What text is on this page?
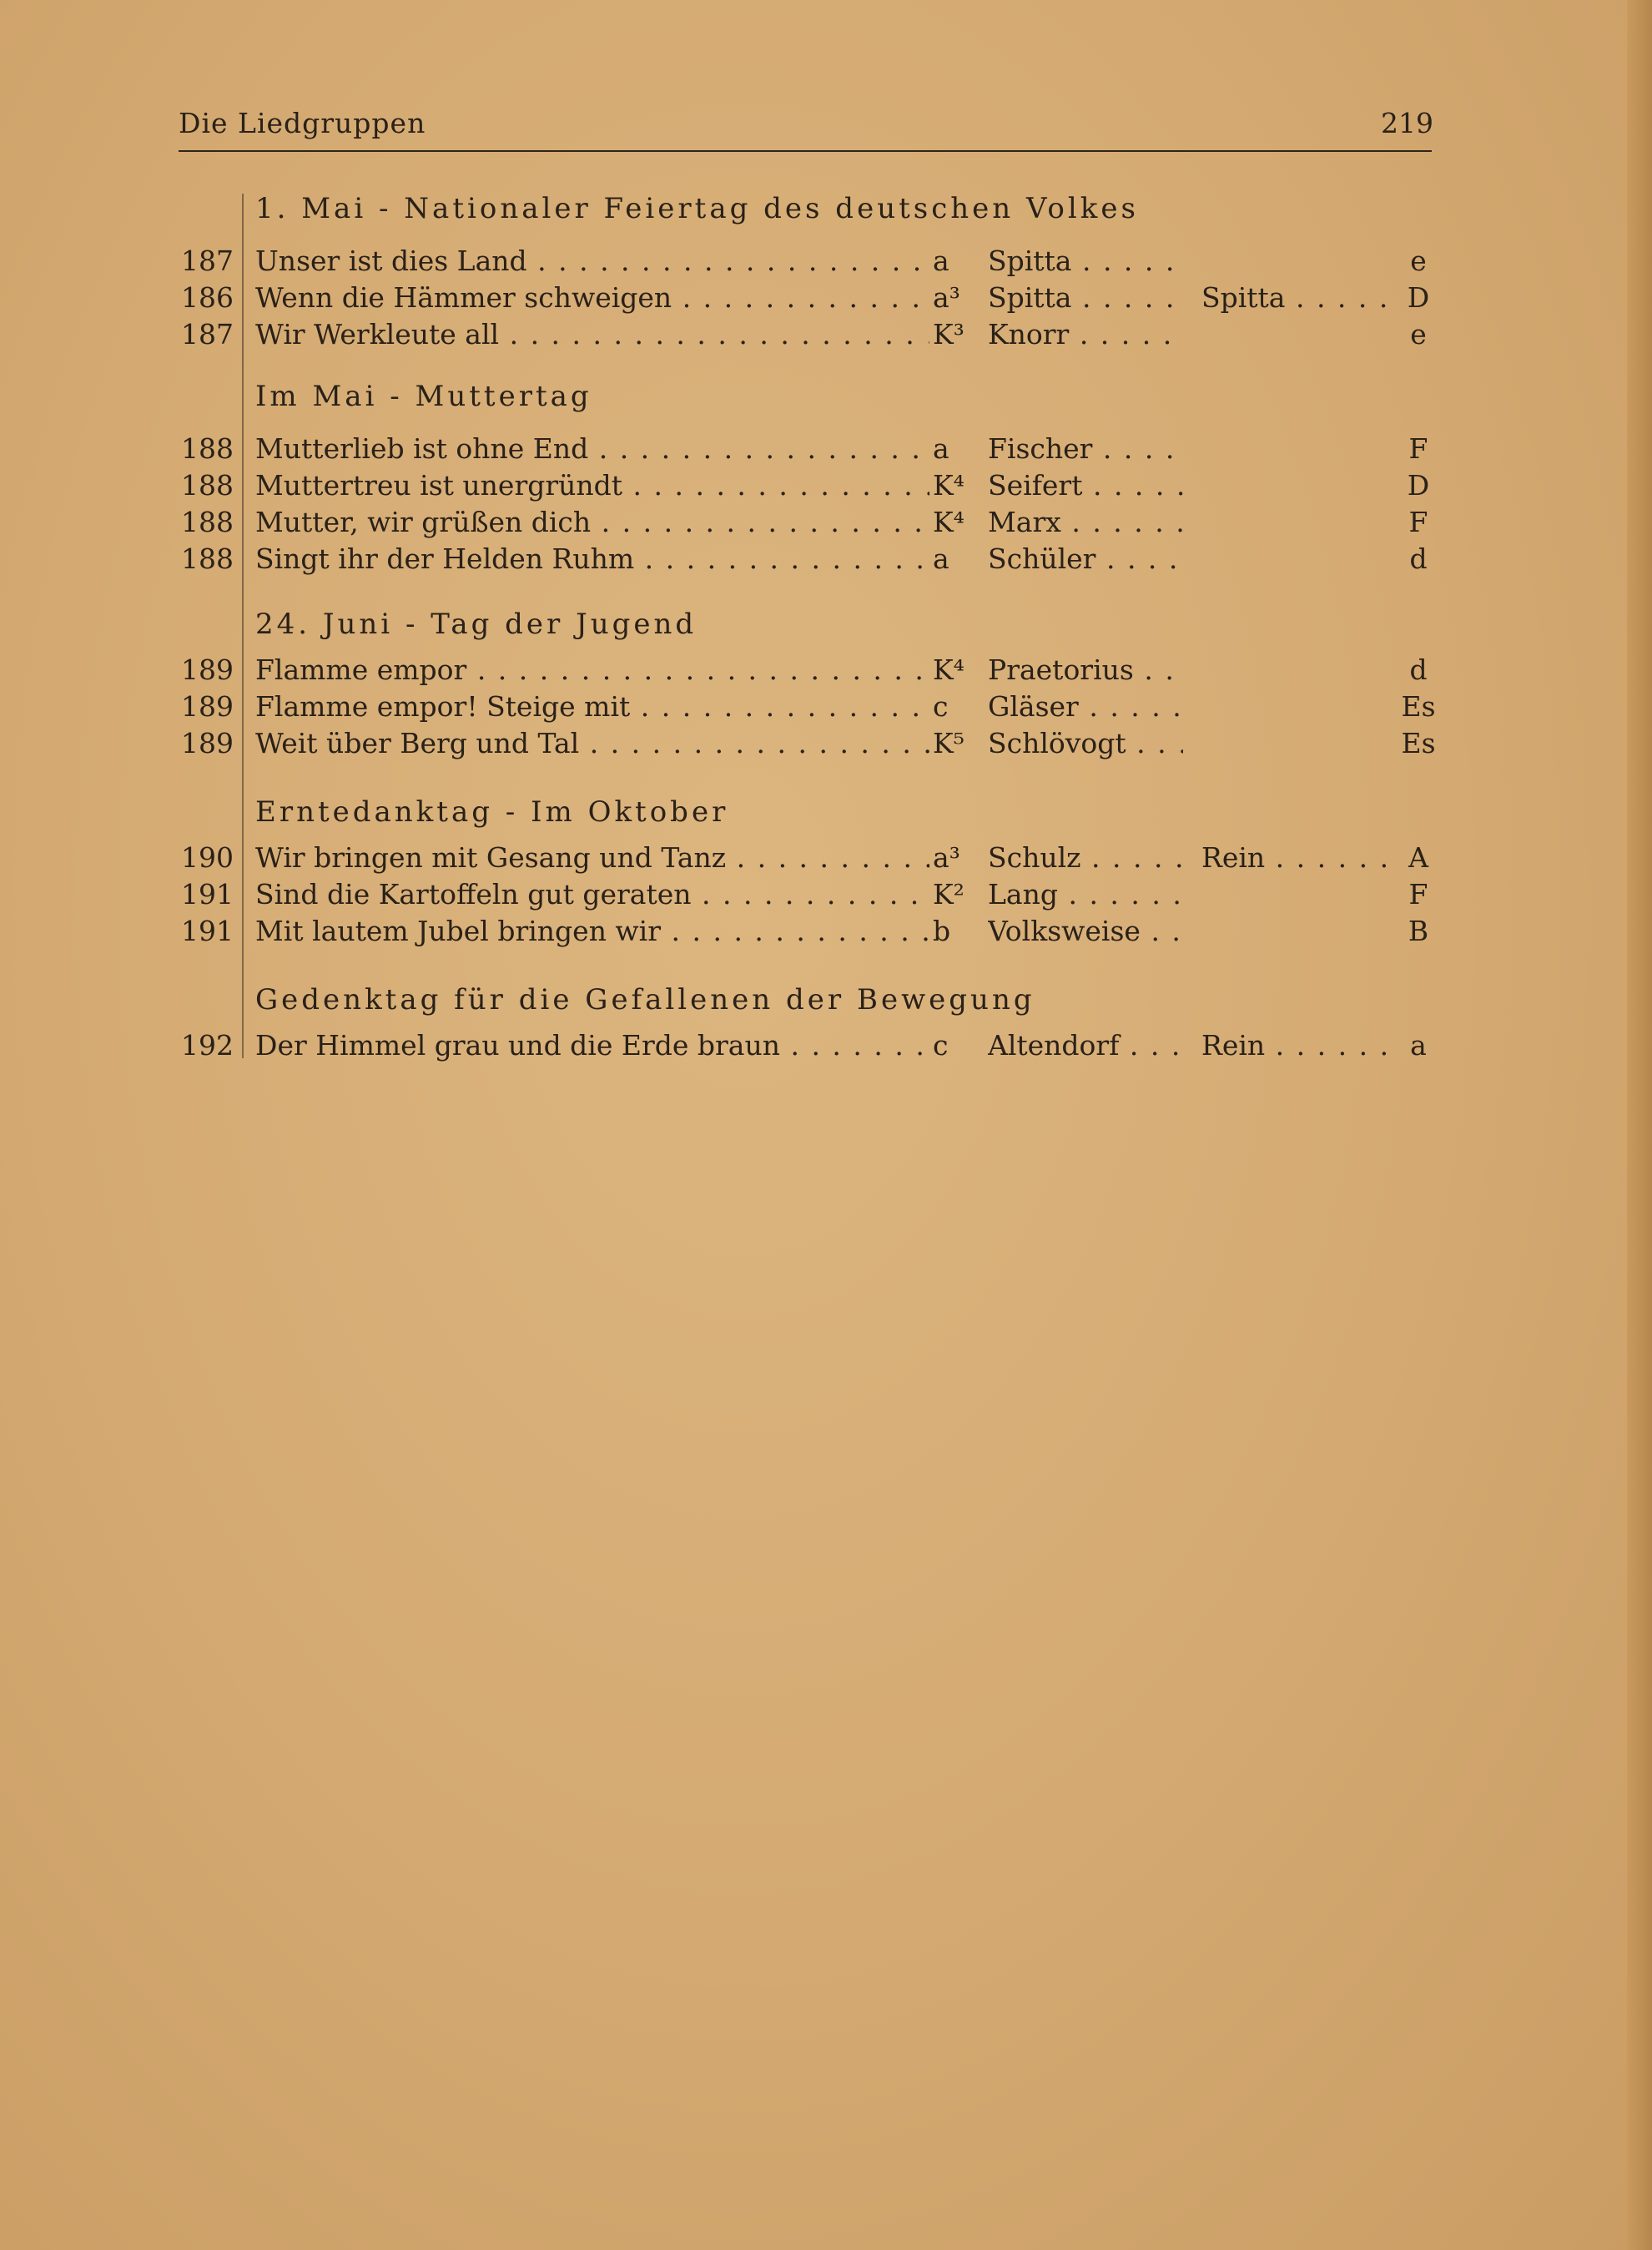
Die Liedgruppen	219
1. Mai - Nationaler Feiertag des deutschen Volkes
187 Unser ist dies Land . . .	a	Spitta . . .	e
186 Wenn die Hämmer schweigen . . .	a³	Spitta . . .	Spitta . . .	D
187 Wir Werkleute all . . .	K³ Knorr . . .	e
Im Mai - Muttertag
188 Mutterlieb ist ohne End . . .	a	Fischer . . .	F
188 Muttertreu ist unergründt . . .	K⁴ Seifert . . .	D
188 Mutter, wir grüßen dich . . .	K⁴ Marx . . .	F
188 Singt ihr der Helden Ruhm . . .	a	Schüler . . .	d
24. Juni - Tag der Jugend
189 Flamme empor . . .	K⁴ Praetorius . . .	d
189 Flamme empor! Steige mit . . .	c	Gläser . . .	Es
189 Weit über Berg und Tal . . .	K⁵ Schlövogt . . .	Es
Erntedanktag - Im Oktober
190 Wir bringen mit Gesang und Tanz . . .	a³	Schulz . . .	Rein . . .	A
191 Sind die Kartoffeln gut geraten . . .	K² Lang . . .	F
191 Mit lautem Jubel bringen wir . . .	b	Volksweise . . .	B
Gedenktag für die Gefallenen der Bewegung
192 Der Himmel grau und die Erde braun . . .	c	Altendorf . . .	Rein . . .	a
